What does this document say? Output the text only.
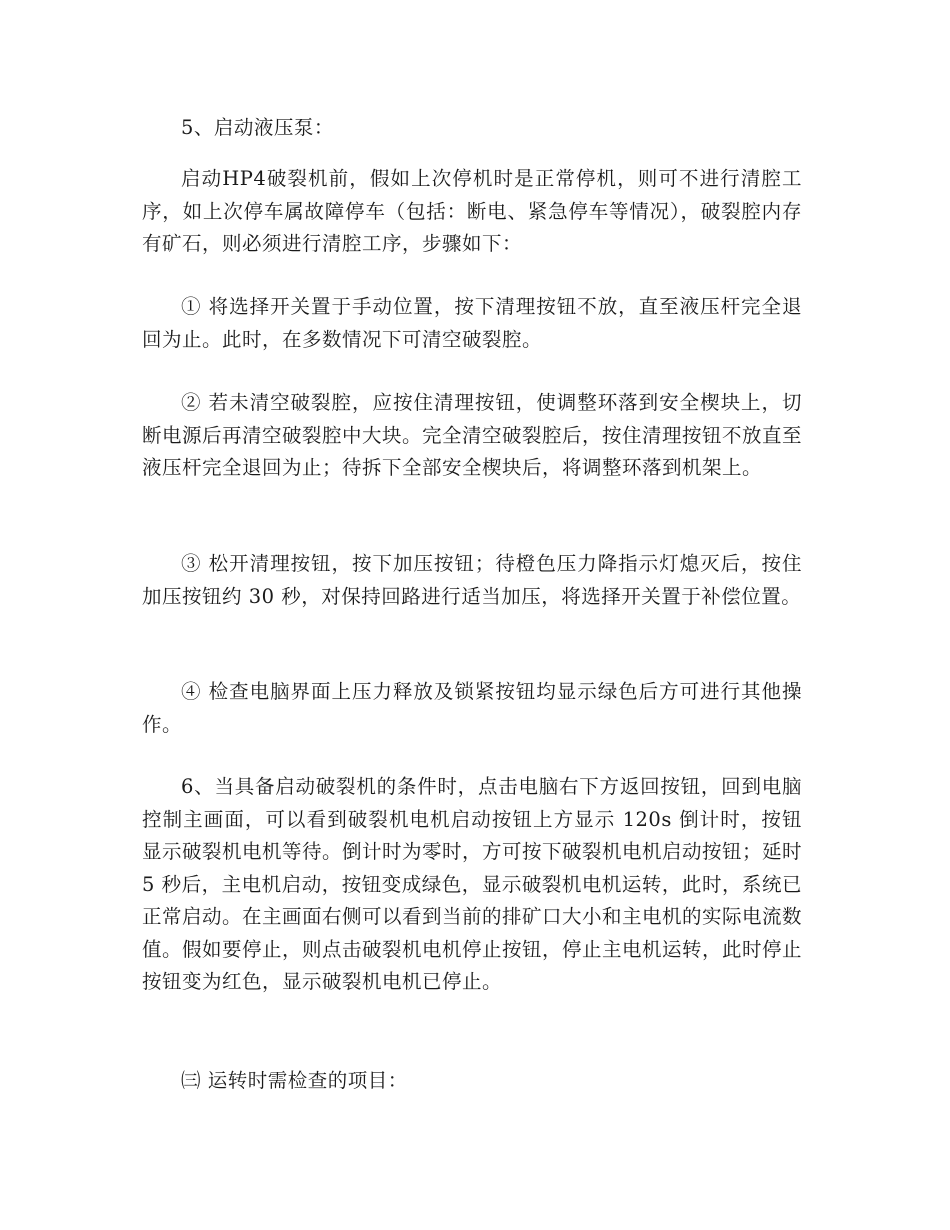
5、启动液压泵：

启动HP4破裂机前，假如上次停机时是正常停机，则可不进行清腔工序，如上次停车属故障停车（包括：断电、紧急停车等情况），破裂腔内存有矿石，则必须进行清腔工序，步骤如下：

① 将选择开关置于手动位置，按下清理按钮不放，直至液压杆完全退回为止。此时，在多数情况下可清空破裂腔。

② 若未清空破裂腔，应按住清理按钮，使调整环落到安全楔块上，切断电源后再清空破裂腔中大块。完全清空破裂腔后，按住清理按钮不放直至液压杆完全退回为止；待拆下全部安全楔块后，将调整环落到机架上。

③ 松开清理按钮，按下加压按钮；待橙色压力降指示灯熄灭后，按住加压按钮约 30 秒，对保持回路进行适当加压，将选择开关置于补偿位置。

④ 检查电脑界面上压力释放及锁紧按钮均显示绿色后方可进行其他操作。

6、当具备启动破裂机的条件时，点击电脑右下方返回按钮，回到电脑控制主画面，可以看到破裂机电机启动按钮上方显示 120s 倒计时，按钮显示破裂机电机等待。倒计时为零时，方可按下破裂机电机启动按钮；延时 5 秒后，主电机启动，按钮变成绿色，显示破裂机电机运转，此时，系统已正常启动。在主画面右侧可以看到当前的排矿口大小和主电机的实际电流数值。假如要停止，则点击破裂机电机停止按钮，停止主电机运转，此时停止按钮变为红色，显示破裂机电机已停止。

㈢ 运转时需检查的项目：
